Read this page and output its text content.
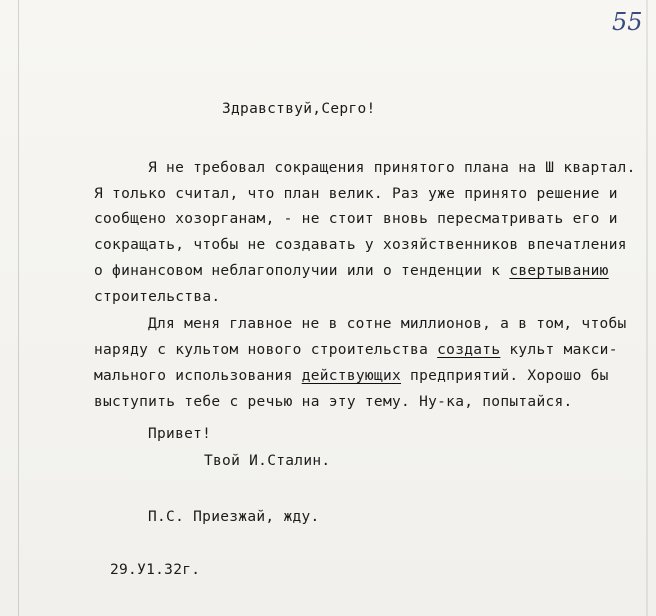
55
Здравствуй,Серго!
Я не требовал сокращения принятого плана на Ш квартал.
Я только считал, что план велик. Раз уже принято решение и
сообщено хозорганам, - не стоит вновь пересматривать его и
сокращать, чтобы не создавать у хозяйственников впечатления
о финансовом неблагополучии или о тенденции к свертыванию
строительства.
Для меня главное не в сотне миллионов, а в том, чтобы
наряду с культом нового строительства создать культ макси-
мального использования действующих предприятий. Хорошо бы
выступить тебе с речью на эту тему. Ну-ка, попытайся.
Привет!
Твой И.Сталин.
П.С. Приезжай, жду.
29.У1.32г.
